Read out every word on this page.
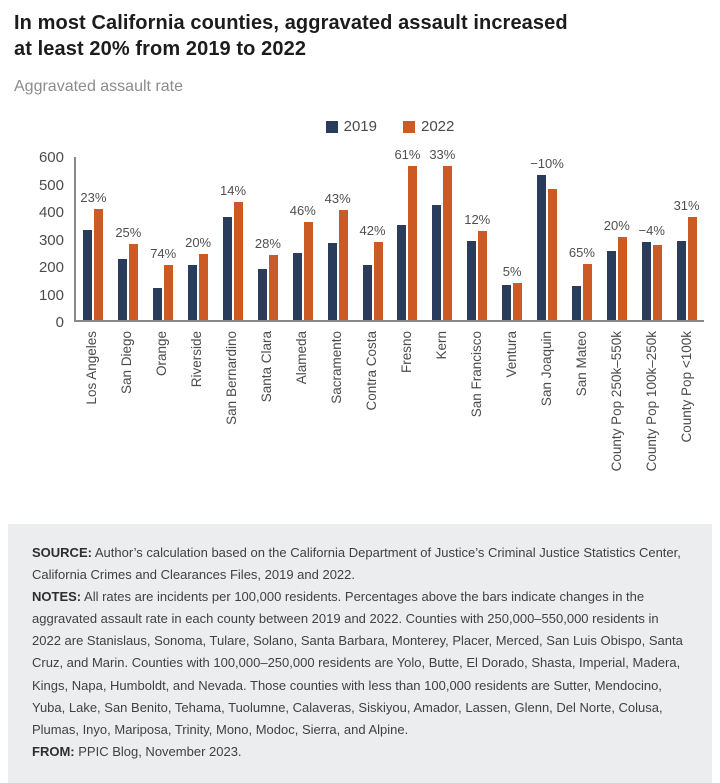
In most California counties, aggravated assault increased
at least 20% from 2019 to 2022
Aggravated assault rate
2019	2022
0
100
200
300
400
500
600
23%
25%
74%
20%
14%
28%
46%
43%
42%
61% 33%
12%
5%
−10%
65%
20% −4%
31%
Los Angeles San Diego Orange Riverside San Bernardino Santa Clara Alameda Sacramento Contra Costa Fresno Kern San Francisco Ventura San Joaquin San Mateo County Pop 250k–550k County Pop 100k–250k County Pop <100k

SOURCE: Author’s calculation based on the California Department of Justice’s Criminal Justice Statistics Center, California Crimes and Clearances Files, 2019 and 2022.

NOTES: All rates are incidents per 100,000 residents. Percentages above the bars indicate changes in the aggravated assault rate in each county between 2019 and 2022. Counties with 250,000–550,000 residents in 2022 are Stanislaus, Sonoma, Tulare, Solano, Santa Barbara, Monterey, Placer, Merced, San Luis Obispo, Santa Cruz, and Marin. Counties with 100,000–250,000 residents are Yolo, Butte, El Dorado, Shasta, Imperial, Madera, Kings, Napa, Humboldt, and Nevada. Those counties with less than 100,000 residents are Sutter, Mendocino, Yuba, Lake, San Benito, Tehama, Tuolumne, Calaveras, Siskiyou, Amador, Lassen, Glenn, Del Norte, Colusa, Plumas, Inyo, Mariposa, Trinity, Mono, Modoc, Sierra, and Alpine.

FROM: PPIC Blog, November 2023.
